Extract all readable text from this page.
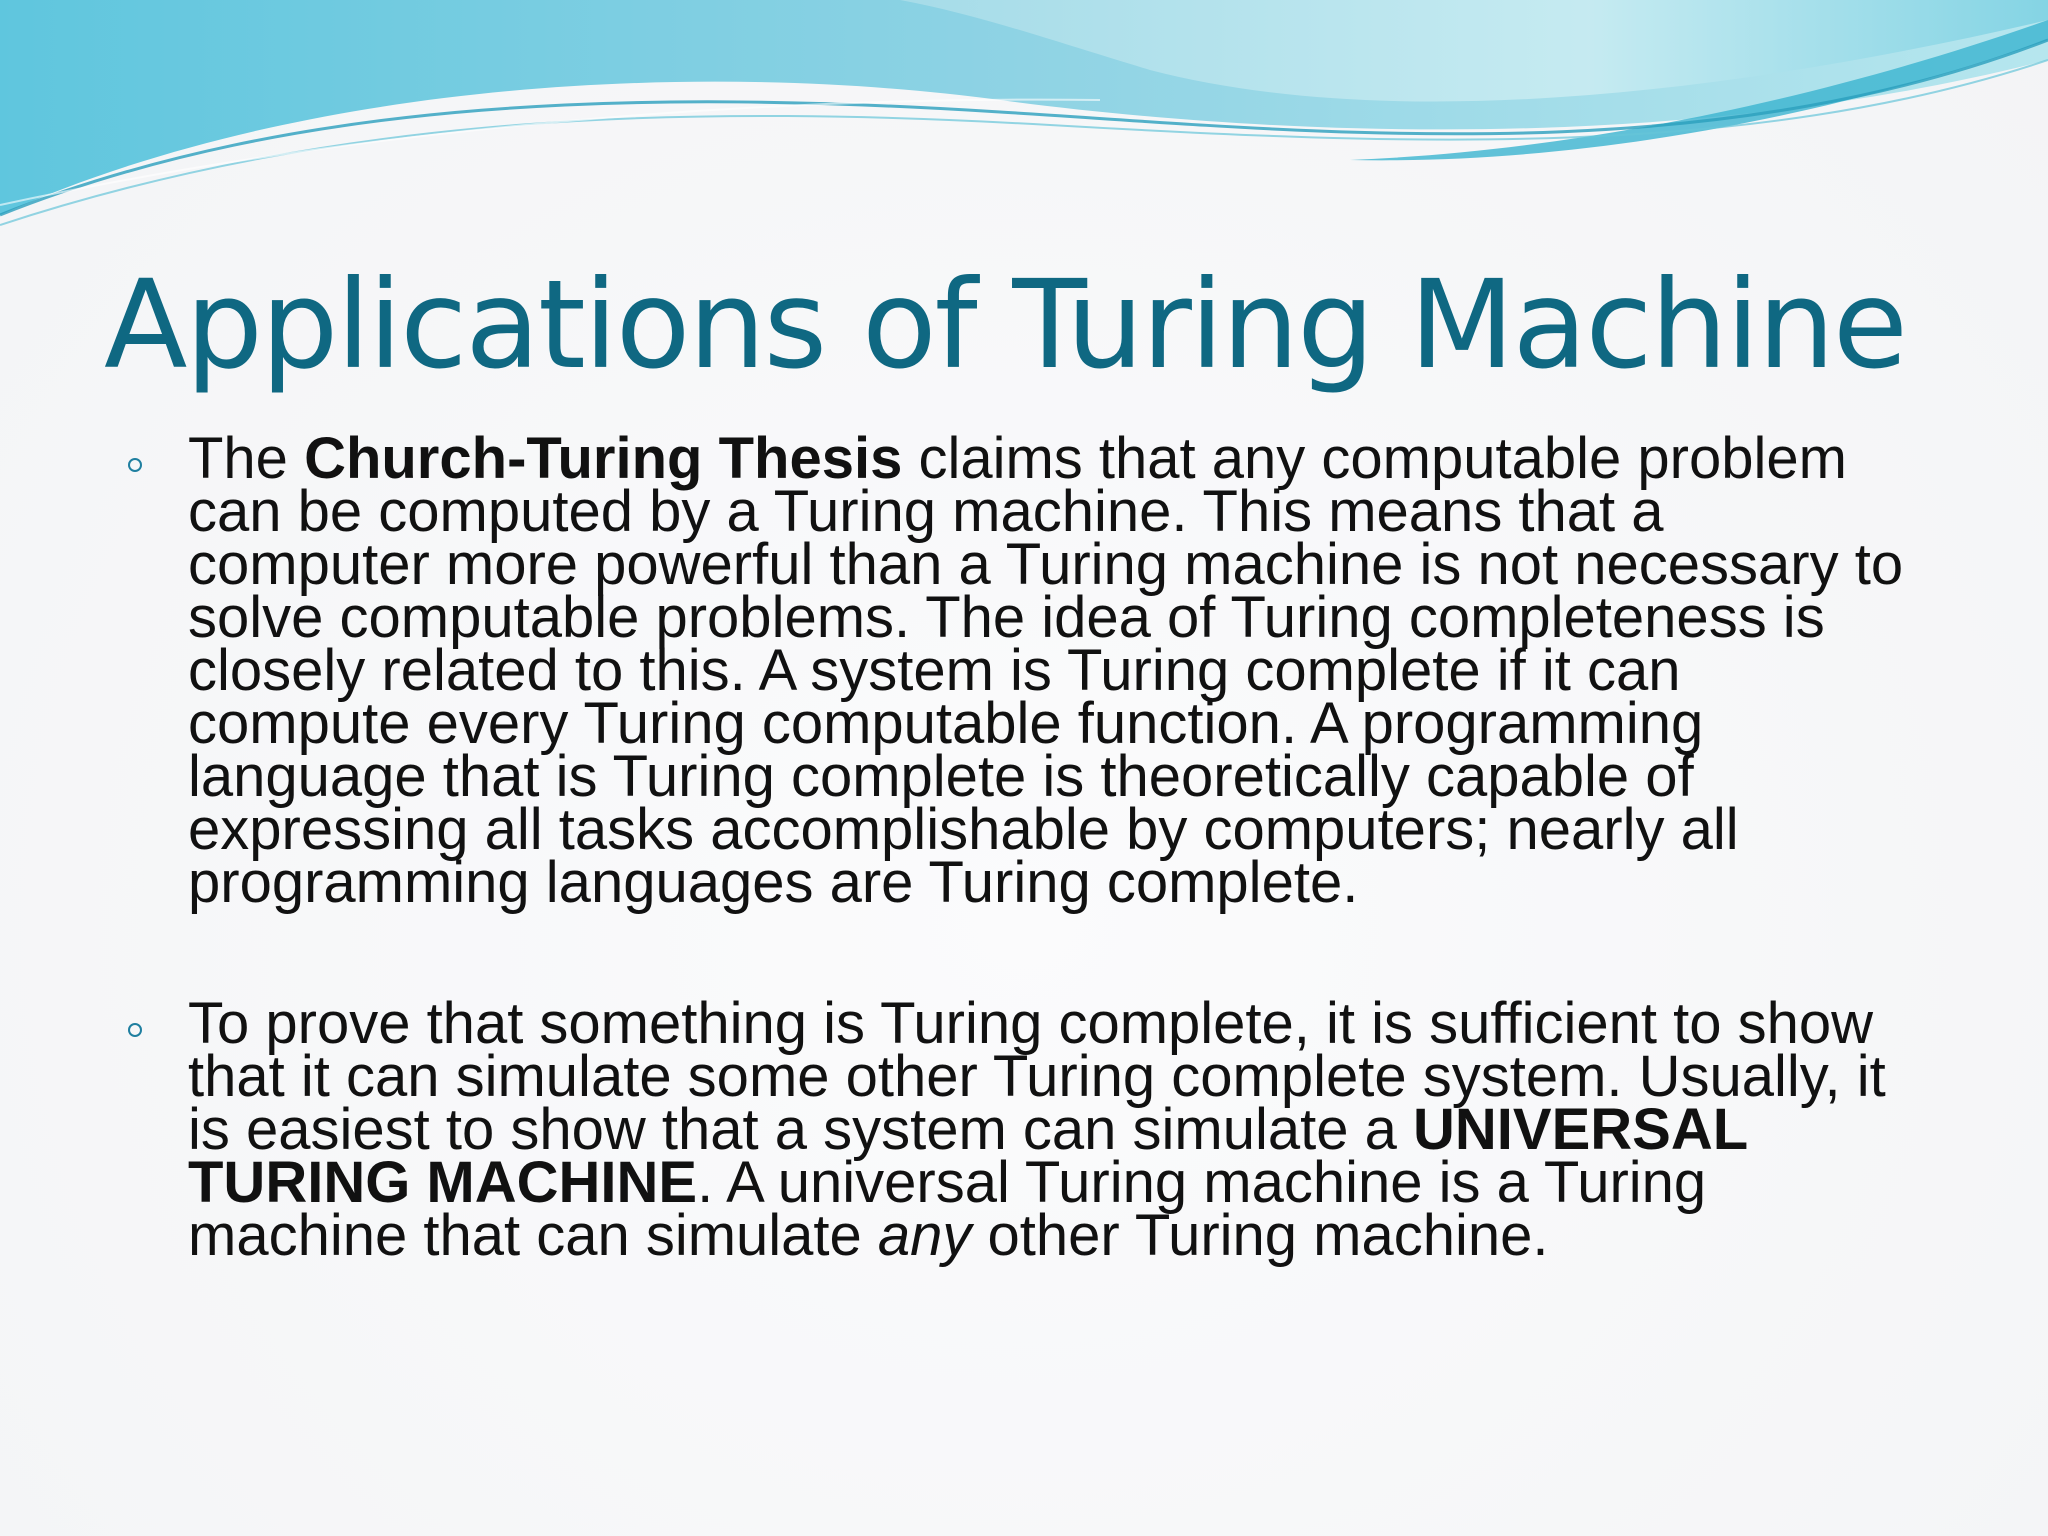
Applications of Turing Machine
The Church-Turing Thesis claims that any computable problem can be computed by a Turing machine. This means that a computer more powerful than a Turing machine is not necessary to solve computable problems. The idea of Turing completeness is closely related to this. A system is Turing complete if it can compute every Turing computable function. A programming language that is Turing complete is theoretically capable of expressing all tasks accomplishable by computers; nearly all programming languages are Turing complete.
To prove that something is Turing complete, it is sufficient to show that it can simulate some other Turing complete system. Usually, it is easiest to show that a system can simulate a UNIVERSAL TURING MACHINE. A universal Turing machine is a Turing machine that can simulate any other Turing machine.
